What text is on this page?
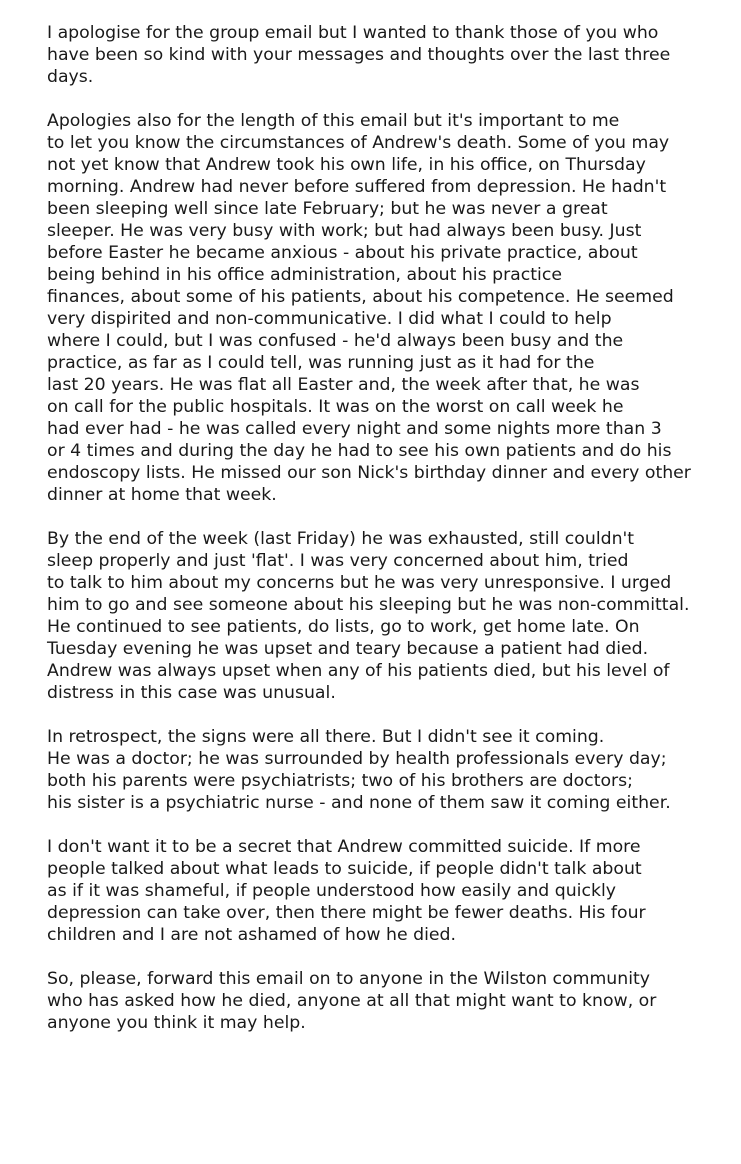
I apologise for the group email but I wanted to thank those of you who
have been so kind with your messages and thoughts over the last three
days.

Apologies also for the length of this email but it's important to me
to let you know the circumstances of Andrew's death. Some of you may
not yet know that Andrew took his own life, in his office, on Thursday
morning. Andrew had never before suffered from depression. He hadn't
been sleeping well since late February; but he was never a great
sleeper. He was very busy with work; but had always been busy. Just
before Easter he became anxious - about his private practice, about
being behind in his office administration, about his practice
finances, about some of his patients, about his competence. He seemed
very dispirited and non-communicative. I did what I could to help
where I could, but I was confused - he'd always been busy and the
practice, as far as I could tell, was running just as it had for the
last 20 years. He was flat all Easter and, the week after that, he was
on call for the public hospitals. It was on the worst on call week he
had ever had - he was called every night and some nights more than 3
or 4 times and during the day he had to see his own patients and do his
endoscopy lists. He missed our son Nick's birthday dinner and every other
dinner at home that week.

By the end of the week (last Friday) he was exhausted, still couldn't
sleep properly and just 'flat'. I was very concerned about him, tried
to talk to him about my concerns but he was very unresponsive. I urged
him to go and see someone about his sleeping but he was non-committal.
He continued to see patients, do lists, go to work, get home late. On
Tuesday evening he was upset and teary because a patient had died.
Andrew was always upset when any of his patients died, but his level of
distress in this case was unusual.

In retrospect, the signs were all there. But I didn't see it coming.
He was a doctor; he was surrounded by health professionals every day;
both his parents were psychiatrists; two of his brothers are doctors;
his sister is a psychiatric nurse - and none of them saw it coming either.

I don't want it to be a secret that Andrew committed suicide. If more
people talked about what leads to suicide, if people didn't talk about
as if it was shameful, if people understood how easily and quickly
depression can take over, then there might be fewer deaths. His four
children and I are not ashamed of how he died.

So, please, forward this email on to anyone in the Wilston community
who has asked how he died, anyone at all that might want to know, or
anyone you think it may help.
